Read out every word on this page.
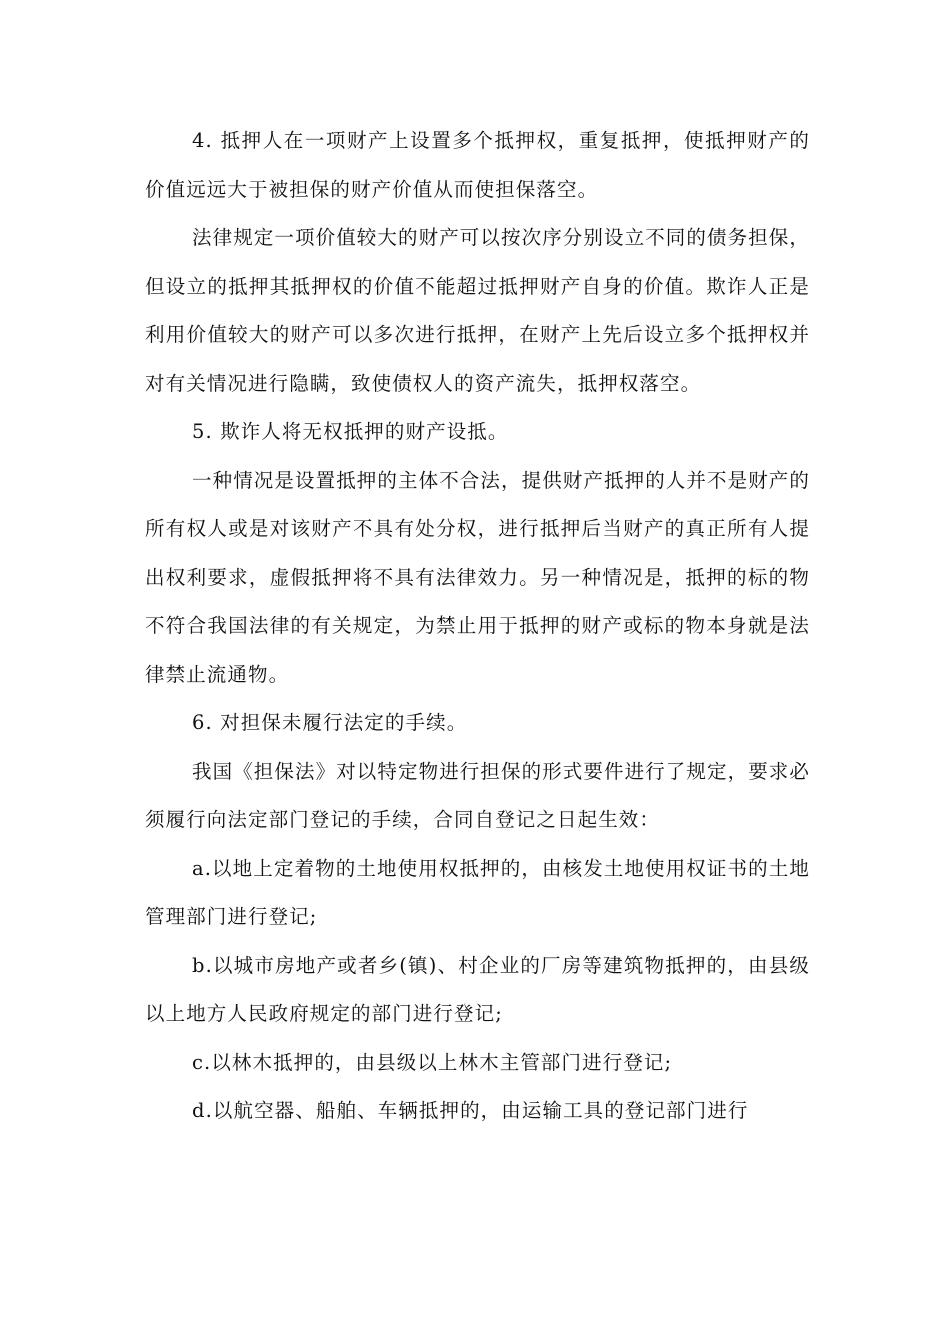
4. 抵押人在一项财产上设置多个抵押权，重复抵押，使抵押财产的价值远远大于被担保的财产价值从而使担保落空。

法律规定一项价值较大的财产可以按次序分别设立不同的债务担保，但设立的抵押其抵押权的价值不能超过抵押财产自身的价值。欺诈人正是利用价值较大的财产可以多次进行抵押，在财产上先后设立多个抵押权并对有关情况进行隐瞒，致使债权人的资产流失，抵押权落空。

5. 欺诈人将无权抵押的财产设抵。

一种情况是设置抵押的主体不合法，提供财产抵押的人并不是财产的所有权人或是对该财产不具有处分权，进行抵押后当财产的真正所有人提出权利要求，虚假抵押将不具有法律效力。另一种情况是，抵押的标的物不符合我国法律的有关规定，为禁止用于抵押的财产或标的物本身就是法律禁止流通物。

6. 对担保未履行法定的手续。

我国《担保法》对以特定物进行担保的形式要件进行了规定，要求必须履行向法定部门登记的手续，合同自登记之日起生效：

a.以地上定着物的土地使用权抵押的，由核发土地使用权证书的土地管理部门进行登记;

b.以城市房地产或者乡(镇)、村企业的厂房等建筑物抵押的，由县级以上地方人民政府规定的部门进行登记;

c.以林木抵押的，由县级以上林木主管部门进行登记;

d.以航空器、船舶、车辆抵押的，由运输工具的登记部门进行
